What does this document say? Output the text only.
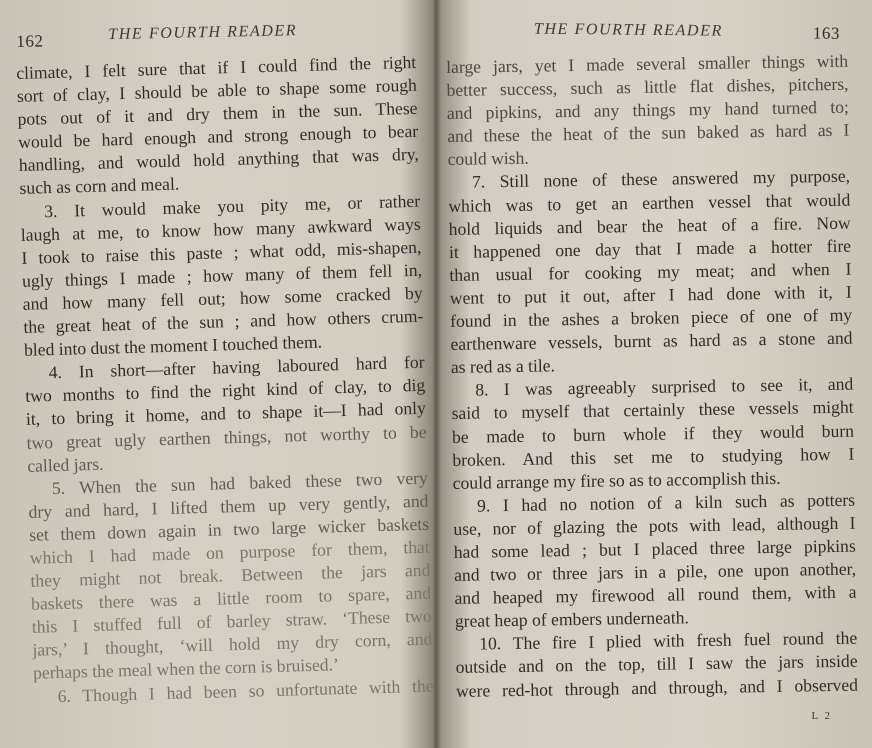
162	THE FOURTH READER
climate, I felt sure that if I could find the right
sort of clay, I should be able to shape some rough
pots out of it and dry them in the sun. These
would be hard enough and strong enough to bear
handling, and would hold anything that was dry,
such as corn and meal.
3. It would make you pity me, or rather
laugh at me, to know how many awkward ways
I took to raise this paste ; what odd, mis-shapen,
ugly things I made ; how many of them fell in,
and how many fell out; how some cracked by
the great heat of the sun ; and how others crum-
bled into dust the moment I touched them.
4. In short—after having laboured hard for
two months to find the right kind of clay, to dig
it, to bring it home, and to shape it—I had only
two great ugly earthen things, not worthy to be
called jars.
5. When the sun had baked these two very
dry and hard, I lifted them up very gently, and
set them down again in two large wicker baskets
which I had made on purpose for them, that
they might not break. Between the jars and
baskets there was a little room to spare, and
this I stuffed full of barley straw. ‘These two
jars,’ I thought, ‘will hold my dry corn, and
perhaps the meal when the corn is bruised.’
6. Though I had been so unfortunate with the
THE FOURTH READER	163
large jars, yet I made several smaller things with
better success, such as little flat dishes, pitchers,
and pipkins, and any things my hand turned to;
and these the heat of the sun baked as hard as I
could wish.
7. Still none of these answered my purpose,
which was to get an earthen vessel that would
hold liquids and bear the heat of a fire. Now
it happened one day that I made a hotter fire
than usual for cooking my meat; and when I
went to put it out, after I had done with it, I
found in the ashes a broken piece of one of my
earthenware vessels, burnt as hard as a stone and
as red as a tile.
8. I was agreeably surprised to see it, and
said to myself that certainly these vessels might
be made to burn whole if they would burn
broken. And this set me to studying how I
could arrange my fire so as to accomplish this.
9. I had no notion of a kiln such as potters
use, nor of glazing the pots with lead, although I
had some lead ; but I placed three large pipkins
and two or three jars in a pile, one upon another,
and heaped my firewood all round them, with a
great heap of embers underneath.
10. The fire I plied with fresh fuel round the
outside and on the top, till I saw the jars inside
were red-hot through and through, and I observed
L 2
